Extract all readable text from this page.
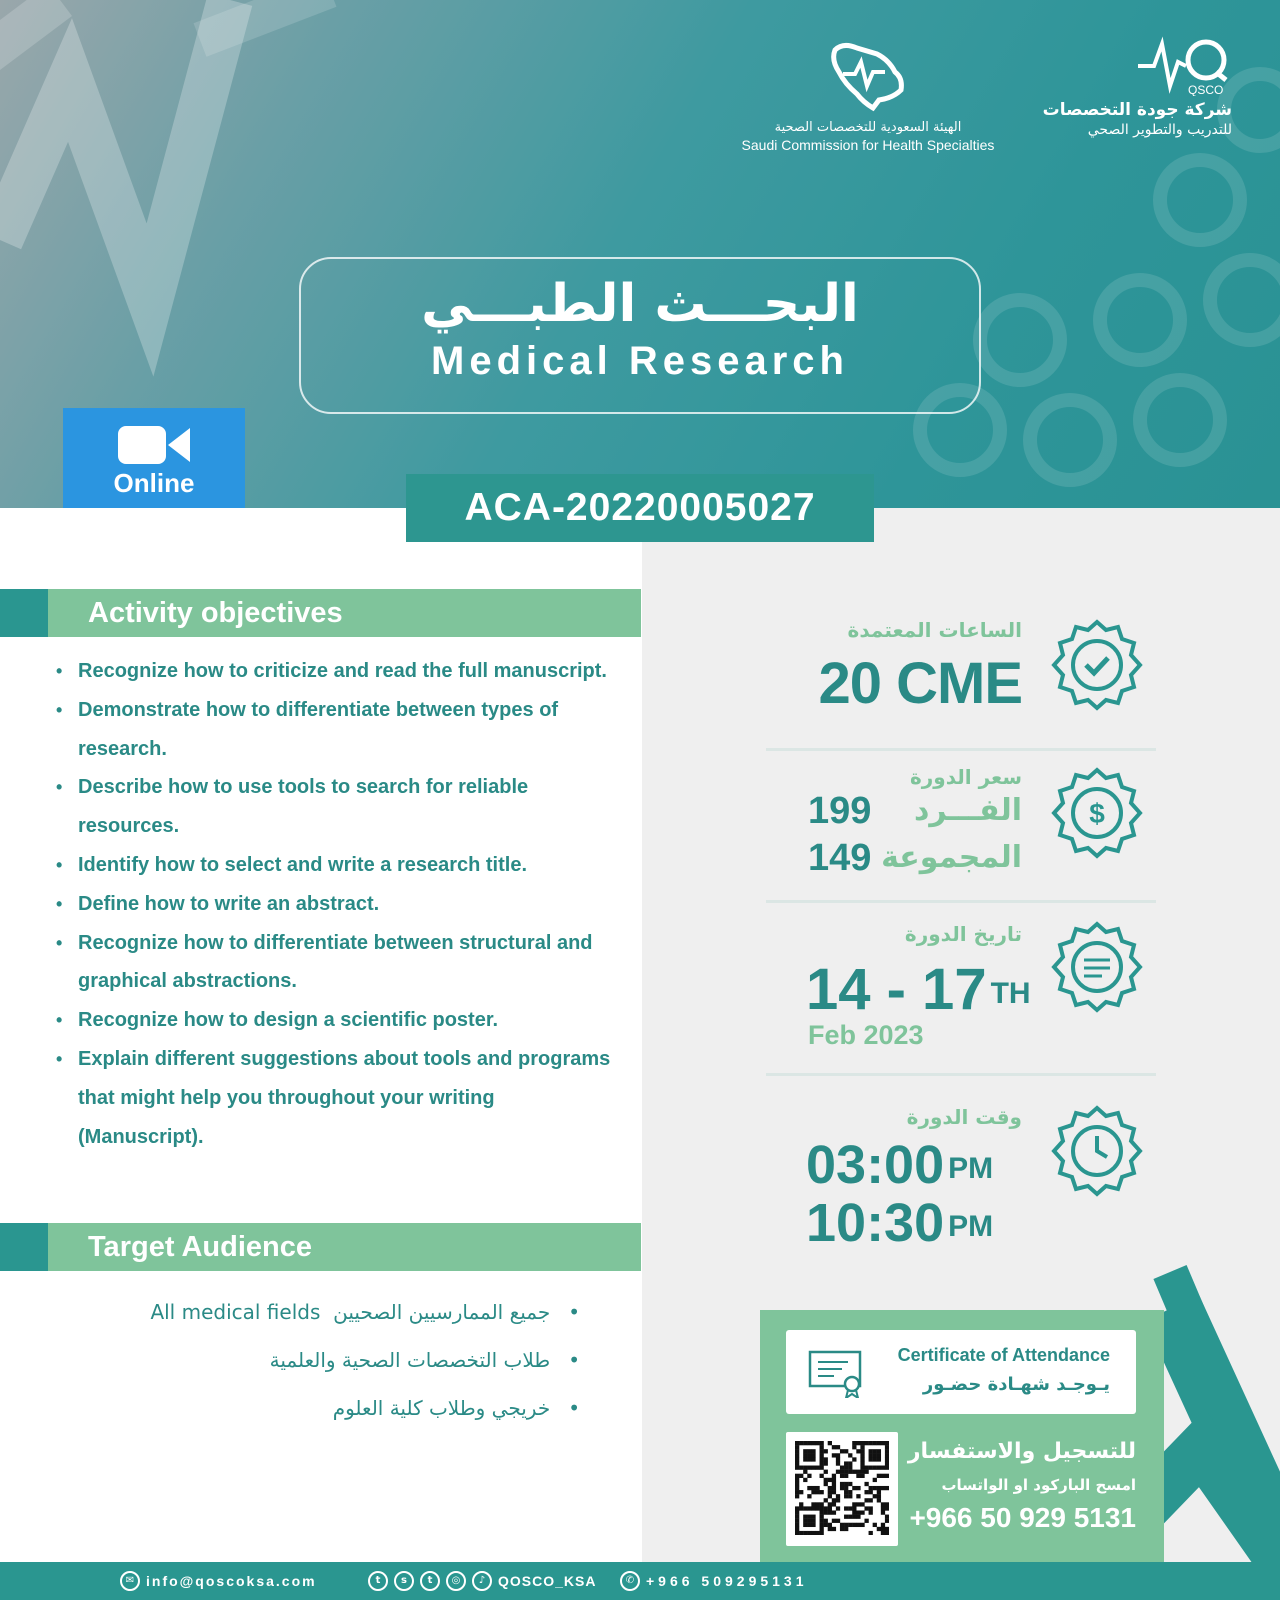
QSCO
شركة جودة التخصصات
للتدريب والتطوير الصحي
الهيئة السعودية للتخصصات الصحية
Saudi Commission for Health Specialties
البحـــث الطبـــي
Medical Research
Online
ACA-20220005027
الساعات المعتمدة
20 CME
سعر الدورة
$
199 الفـــرد
149 المجموعة
تاريخ الدورة
14 - 17 $^{TH}$
Feb 2023
وقت الدورة
03:00 $^{PM}$
10:30 $^{PM}$
Certificate of Attendance
يـوجـد شهـادة حضـور
للتسجيل والاستفسار
امسح الباركود او الواتساب
+966 50 929 5131
Activity objectives
• Recognize how to criticize and read the full manuscript.
• Demonstrate how to differentiate between types of research.
• Describe how to use tools to search for reliable resources.
• Identify how to select and write a research title.
• Define how to write an abstract.
• Recognize how to differentiate between structural and graphical abstractions.
• Recognize how to design a scientific poster.
• Explain different suggestions about tools and programs that might help you throughout your writing (Manuscript).
Target Audience
All medical fields جميع الممارسيين الصحيين •
طلاب التخصصات الصحية والعلمية •
خريجي وطلاب كلية العلوم •
✉ info@qoscoksa.com	t	s	t	◎	♪ QOSCO_KSA	✆ +966 509295131
